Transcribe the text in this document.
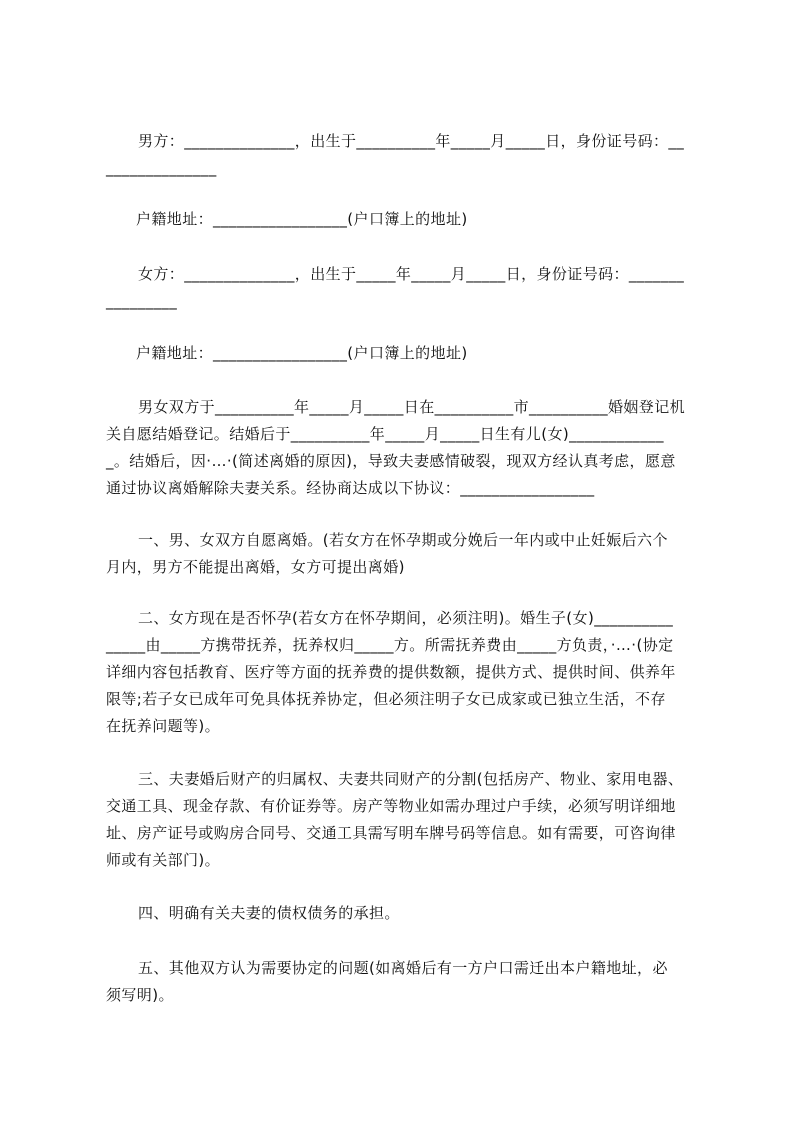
男方：______________，出生于__________年_____月_____日，身份证号码：__
______________
户籍地址：_________________(户口簿上的地址)
女方：______________，出生于_____年_____月_____日，身份证号码：_______
_________
户籍地址：_________________(户口簿上的地址)
男女双方于__________年_____月_____日在__________市__________婚姻登记机
关自愿结婚登记。结婚后于__________年_____月_____日生有儿(女)____________
_。结婚后，因·…·(简述离婚的原因)，导致夫妻感情破裂，现双方经认真考虑，愿意
通过协议离婚解除夫妻关系。经协商达成以下协议：_________________
一、男、女双方自愿离婚。(若女方在怀孕期或分娩后一年内或中止妊娠后六个
月内，男方不能提出离婚，女方可提出离婚)
二、女方现在是否怀孕(若女方在怀孕期间，必须注明)。婚生子(女)__________
_____由_____方携带抚养，抚养权归_____方。所需抚养费由_____方负责，·…·(协定
详细内容包括教育、医疗等方面的抚养费的提供数额，提供方式、提供时间、供养年
限等;若子女已成年可免具体抚养协定，但必须注明子女已成家或已独立生活，不存
在抚养问题等)。
三、夫妻婚后财产的归属权、夫妻共同财产的分割(包括房产、物业、家用电器、
交通工具、现金存款、有价证券等。房产等物业如需办理过户手续，必须写明详细地
址、房产证号或购房合同号、交通工具需写明车牌号码等信息。如有需要，可咨询律
师或有关部门)。
四、明确有关夫妻的债权债务的承担。
五、其他双方认为需要协定的问题(如离婚后有一方户口需迁出本户籍地址，必
须写明)。
